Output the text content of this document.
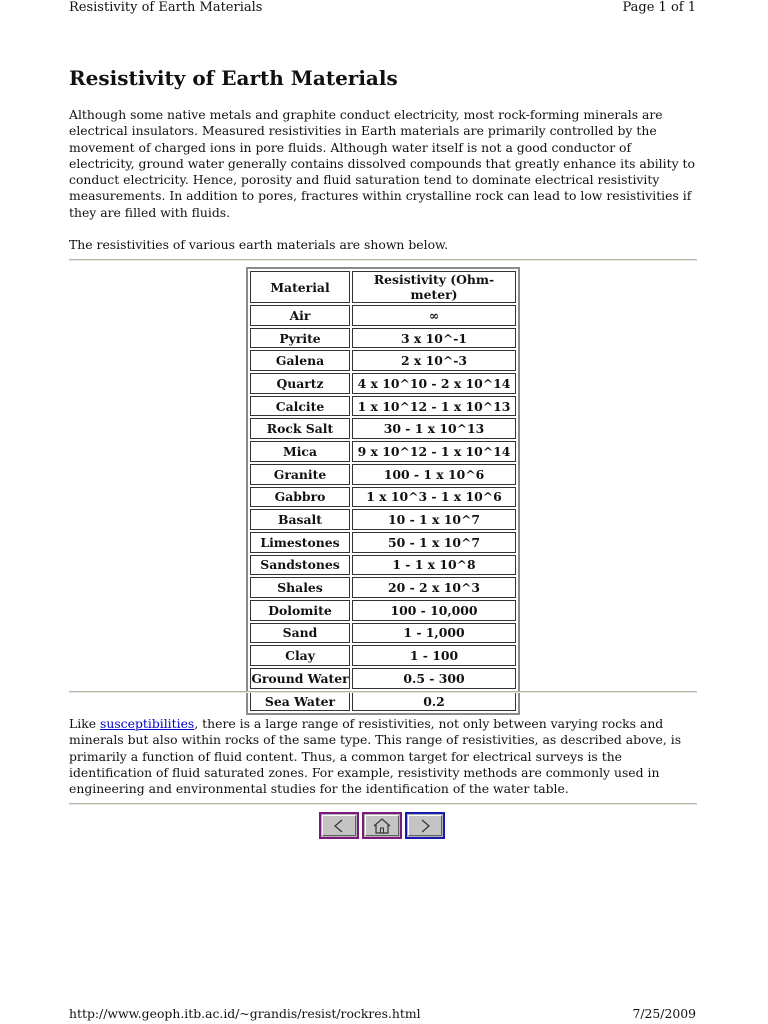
Resistivity of Earth Materials	Page 1 of 1
Resistivity of Earth Materials

Although some native metals and graphite conduct electricity, most rock-forming minerals are electrical insulators. Measured resistivities in Earth materials are primarily controlled by the movement of charged ions in pore fluids. Although water itself is not a good conductor of electricity, ground water generally contains dissolved compounds that greatly enhance its ability to conduct electricity. Hence, porosity and fluid saturation tend to dominate electrical resistivity measurements. In addition to pores, fractures within crystalline rock can lead to low resistivities if they are filled with fluids.

The resistivities of various earth materials are shown below.

Material	Resistivity (Ohm-meter)
Air	∞
Pyrite	3 x 10^-1
Galena	2 x 10^-3
Quartz	4 x 10^10 - 2 x 10^14
Calcite	1 x 10^12 - 1 x 10^13
Rock Salt	30 - 1 x 10^13
Mica	9 x 10^12 - 1 x 10^14
Granite	100 - 1 x 10^6
Gabbro	1 x 10^3 - 1 x 10^6
Basalt	10 - 1 x 10^7
Limestones	50 - 1 x 10^7
Sandstones	1 - 1 x 10^8
Shales	20 - 2 x 10^3
Dolomite	100 - 10,000
Sand	1 - 1,000
Clay	1 - 100
Ground Water	0.5 - 300
Sea Water	0.2

Like susceptibilities, there is a large range of resistivities, not only between varying rocks and minerals but also within rocks of the same type. This range of resistivities, as described above, is primarily a function of fluid content. Thus, a common target for electrical surveys is the identification of fluid saturated zones. For example, resistivity methods are commonly used in engineering and environmental studies for the identification of the water table.

http://www.geoph.itb.ac.id/~grandis/resist/rockres.html	7/25/2009
